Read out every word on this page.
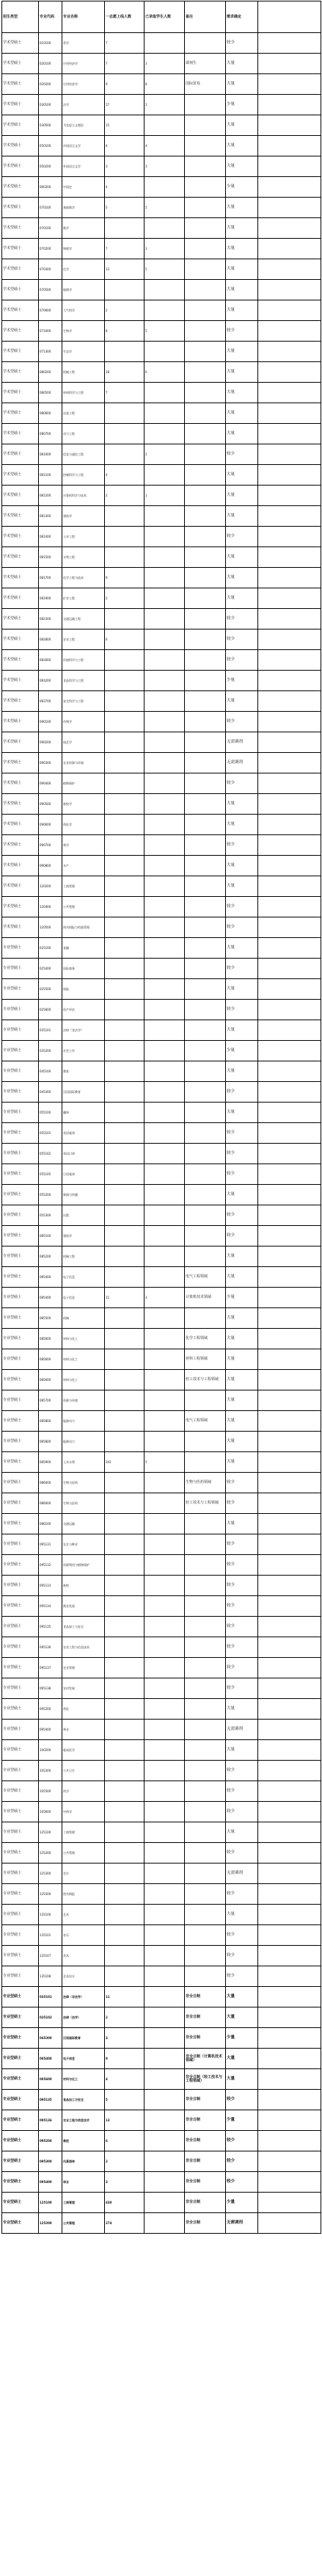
招生类型	专业代码	专业名称	一志愿上线人数	已录取学生人数	备注	需求确定	
学术型硕士	010100	哲学	7			较少	
学术型硕士	020100	应用经济学	7	3	调剂生	大量	
学术型硕士	020200	应用经济学	9	8	国际贸易	大量	
学术型硕士	030100	法学	17	2		少量	
学术型硕士	030500	马克思主义理论	15			大量	
学术型硕士	050100	中国语言文学	4	4		大量	
学术型硕士	050200	外国语言文学	3	3		大量	
学术型硕士	060200	中国史	4			少量	
学术型硕士	070100	基础数学	5	5		大量	
学术型硕士	070100	数学				大量	
学术型硕士	070200	物理学	7	3		大量	
学术型硕士	070300	化学	13	5		大量	
学术型硕士	070500	地理学				大量	
学术型硕士	070600	大气科学	2			大量	
学术型硕士	071000	生物学	8	5		较少	
学术型硕士	071300	生态学				大量	
学术型硕士	080200	机械工程	18	6		大量	
学术型硕士	080500	材料科学与工程	7			大量	
学术型硕士	080600	冶金工程				大量	
学术型硕士	080700	动力工程				大量	
学术型硕士	081000	信息与通信工程		2		较少	
学术型硕士	081100	控制科学与工程	4			大量	
学术型硕士	081200	计算机科学与技术	2	1		大量	
学术型硕士	081300	建筑学				大量	
学术型硕士	081400	土木工程				较少	
学术型硕士	081500	水利工程				大量	
学术型硕士	081700	化学工程与技术	9			大量	
学术型硕士	081900	矿业工程	2			大量	
学术型硕士	082300	交通运输工程				较少	
学术型硕士	082800	农业工程	6			较少	
学术型硕士	083000	环境科学与工程				较少	
学术型硕士	083200	食品科学与工程				少量	
学术型硕士	083700	安全科学与工程				大量	
学术型硕士	090100	作物学				较少	
学术型硕士	090200	园艺学				无需调剂	
学术型硕士	090300	农业资源与环境				无需调剂	
学术型硕士	090400	植物保护				较少	
学术型硕士	090500	畜牧学				大量	
学术型硕士	090600	兽医学				大量	
学术型硕士	090700	林学				较少	
学术型硕士	090800	水产				大量	
学术型硕士	120200	工商管理				大量	
学术型硕士	120400	公共管理				较少	
学术型硕士	120500	图书情报与档案管理				较少	
专业型硕士	025100	金融				大量	
专业型硕士	025400	国际商务				较少	
专业型硕士	025500	保险				大量	
专业型硕士	025600	资产评估				较少	
专业型硕士	035101	法律（非法学）				大量	
专业型硕士	035200	社会工作				少量	
专业型硕士	045100	教育				大量	
专业型硕士	045300	汉语国际教育				较少	
专业型硕士	055100	翻译				大量	
专业型硕士	055101	英语笔译				较少	
专业型硕士	055102	英语口译				较少	
专业型硕士	055105	日语笔译				较少	
专业型硕士	055200	新闻与传播				大量	
专业型硕士	055300	出版				较少	
专业型硕士	085100	建筑学				较少	
专业型硕士	085200	机械工程				大量	
专业型硕士	085400	电子信息			电气工程领域	大量	
专业型硕士	085400	电子信息	11	3	计算机技术领域	少量	
专业型硕士	085500	机械				大量	
专业型硕士	085600	材料与化工			化学工程领域	大量	
专业型硕士	085600	材料与化工			材料工程领域	大量	
专业型硕士	085600	材料与化工			轻工技术与工程领域	大量	
专业型硕士	085700	资源与环境				大量	
专业型硕士	085800	能源动力			电气工程领域	大量	
专业型硕士	085800	能源动力				大量	
专业型硕士	085900	土木水利	102	5		大量	
专业型硕士	086000	生物与医药			生物与医药领域	较少	
专业型硕士	086000	生物与医药			轻工技术与工程领域	较少	
专业型硕士	086100	交通运输				大量	
专业型硕士	095131	农艺与种业				较少	
专业型硕士	095132	资源利用与植物保护				较少	
专业型硕士	095133	畜牧				较少	
专业型硕士	095134	渔业发展				较少	
专业型硕士	095135	食品加工与安全				较少	
专业型硕士	095136	农业工程与信息技术				较少	
专业型硕士	095137	农业管理				较少	
专业型硕士	095138	农村发展				较少	
专业型硕士	095200	兽医				大量	
专业型硕士	095400	林业				无需调剂	
专业型硕士	100200	临床医学				大量	
专业型硕士	105300	公共卫生				较少	
专业型硕士	105500	药学				较少	
专业型硕士	105600	中药学				较少	
专业型硕士	125100	工商管理				大量	
专业型硕士	125200	公共管理				较少	
专业型硕士	125300	会计				无需调剂	
专业型硕士	125500	图书情报				较少	
专业型硕士	135100	艺术				大量	
专业型硕士	135101	音乐				较少	
专业型硕士	135107	美术				较少	
专业型硕士	135108	艺术设计				较少	
专业型硕士	035101	法律（非法学）	11		非全日制	大量	
专业型硕士	035102	法律（法学）	2		非全日制	大量	
专业型硕士	045300	汉语国际教育	3		非全日制	少量	
专业型硕士	085400	电子信息	9		非全日制（计算机技术领域）	大量	
专业型硕士	085600	材料与化工	4		非全日制（轻工技术与工程领域）	大量	
专业型硕士	095135	食品加工与安全	5		非全日制	较少	
专业型硕士	095136	农业工程与信息技术	13		非全日制	少量	
专业型硕士	095200	兽医	6		非全日制	较少	
专业型硕士	095300	风景园林	2		非全日制	较少	
专业型硕士	095400	林业	3		非全日制	较少	
专业型硕士	125100	工商管理	430		非全日制	少量	
专业型硕士	125200	公共管理	274		非全日制	无需调剂	
